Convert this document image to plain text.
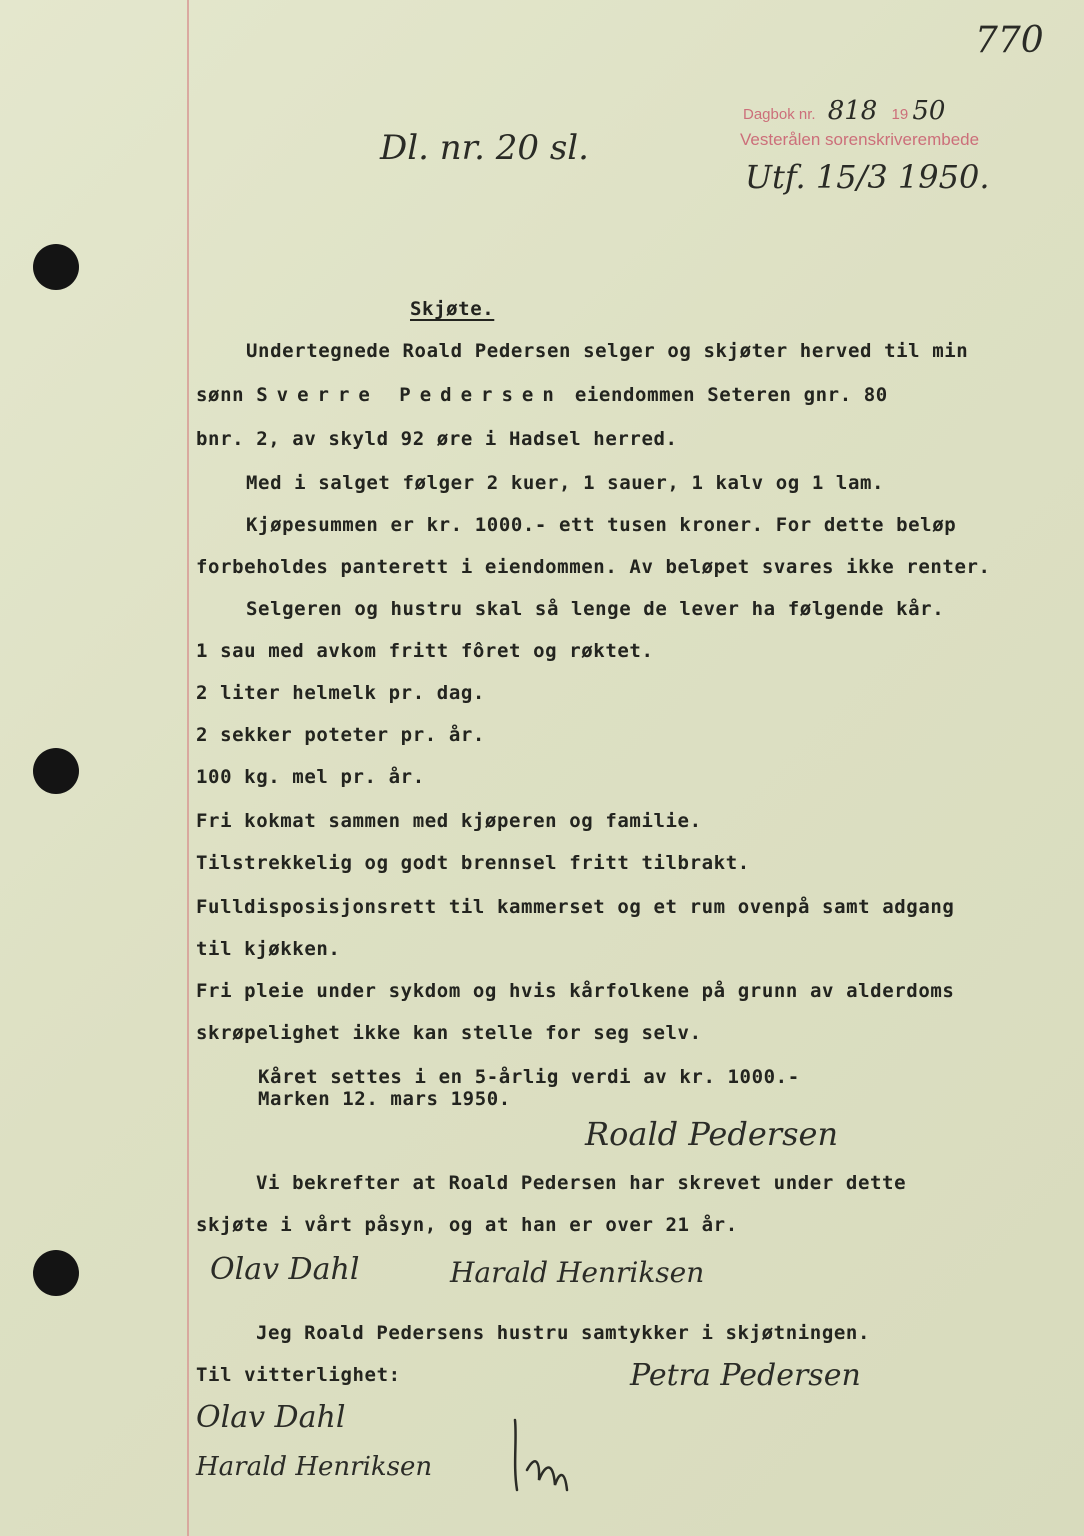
770
Dl. nr. 20 sl.
Dagbok nr. 818 19 50
Vesterålen sorenskriverembede
Utf. 15/3 1950.
Skjøte.
Undertegnede Roald Pedersen selger og skjøter herved til min
sønn Sverre Pedersen eiendommen Seteren gnr. 80
bnr. 2, av skyld 92 øre i Hadsel herred.
Med i salget følger 2 kuer, 1 sauer, 1 kalv og 1 lam.
Kjøpesummen er kr. 1000.- ett tusen kroner. For dette beløp
forbeholdes panterett i eiendommen. Av beløpet svares ikke renter.
Selgeren og hustru skal så lenge de lever ha følgende kår.
1 sau med avkom fritt fôret og røktet.
2 liter helmelk pr. dag.
2 sekker poteter pr. år.
100 kg. mel pr. år.
Fri kokmat sammen med kjøperen og familie.
Tilstrekkelig og godt brennsel fritt tilbrakt.
Fulldisposisjonsrett til kammerset og et rum ovenpå samt adgang
til kjøkken.
Fri pleie under sykdom og hvis kårfolkene på grunn av alderdoms
skrøpelighet ikke kan stelle for seg selv.
Kåret settes i en 5-årlig verdi av kr. 1000.-
Marken 12. mars 1950.
Roald Pedersen
Vi bekrefter at Roald Pedersen har skrevet under dette
skjøte i vårt påsyn, og at han er over 21 år.
Olav Dahl	Harald Henriksen
Jeg Roald Pedersens hustru samtykker i skjøtningen.
Til vitterlighet:	Petra Pedersen
Olav Dahl
Harald Henriksen
